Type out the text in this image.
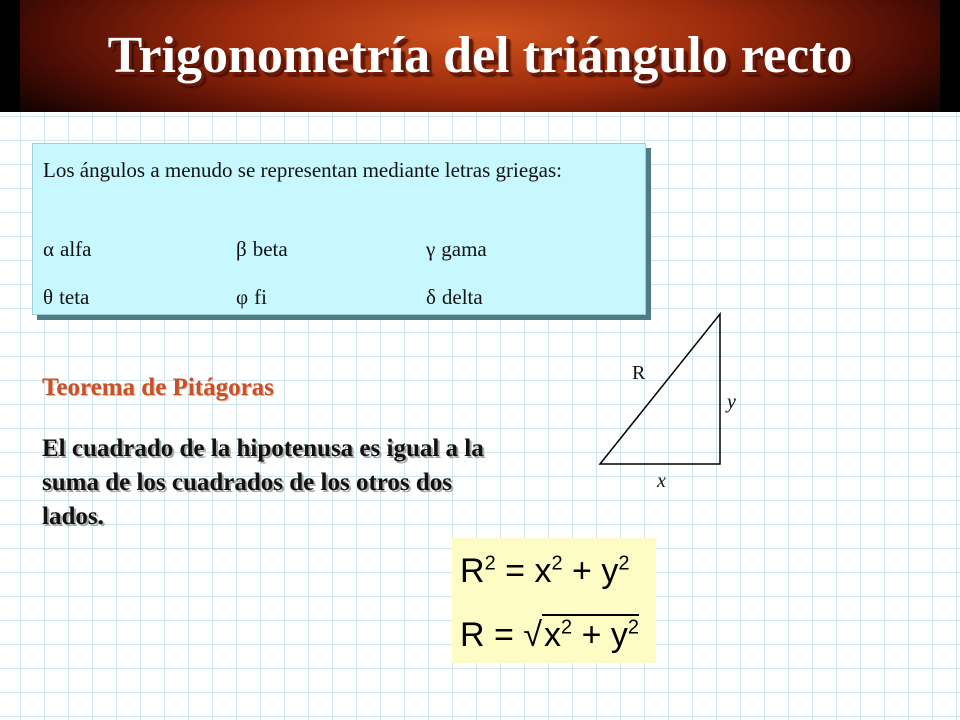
Trigonometría del triángulo recto
Los ángulos a menudo se representan mediante letras griegas:
α alfa	β beta	γ gama
θ teta	φ fi	δ delta
Teorema de Pitágoras
El cuadrado de la hipotenusa es igual a la suma de los cuadrados de los otros dos lados.
R
y
x
$R^2 = x^2 + y^2$
$R = √x^2 + y^2$
